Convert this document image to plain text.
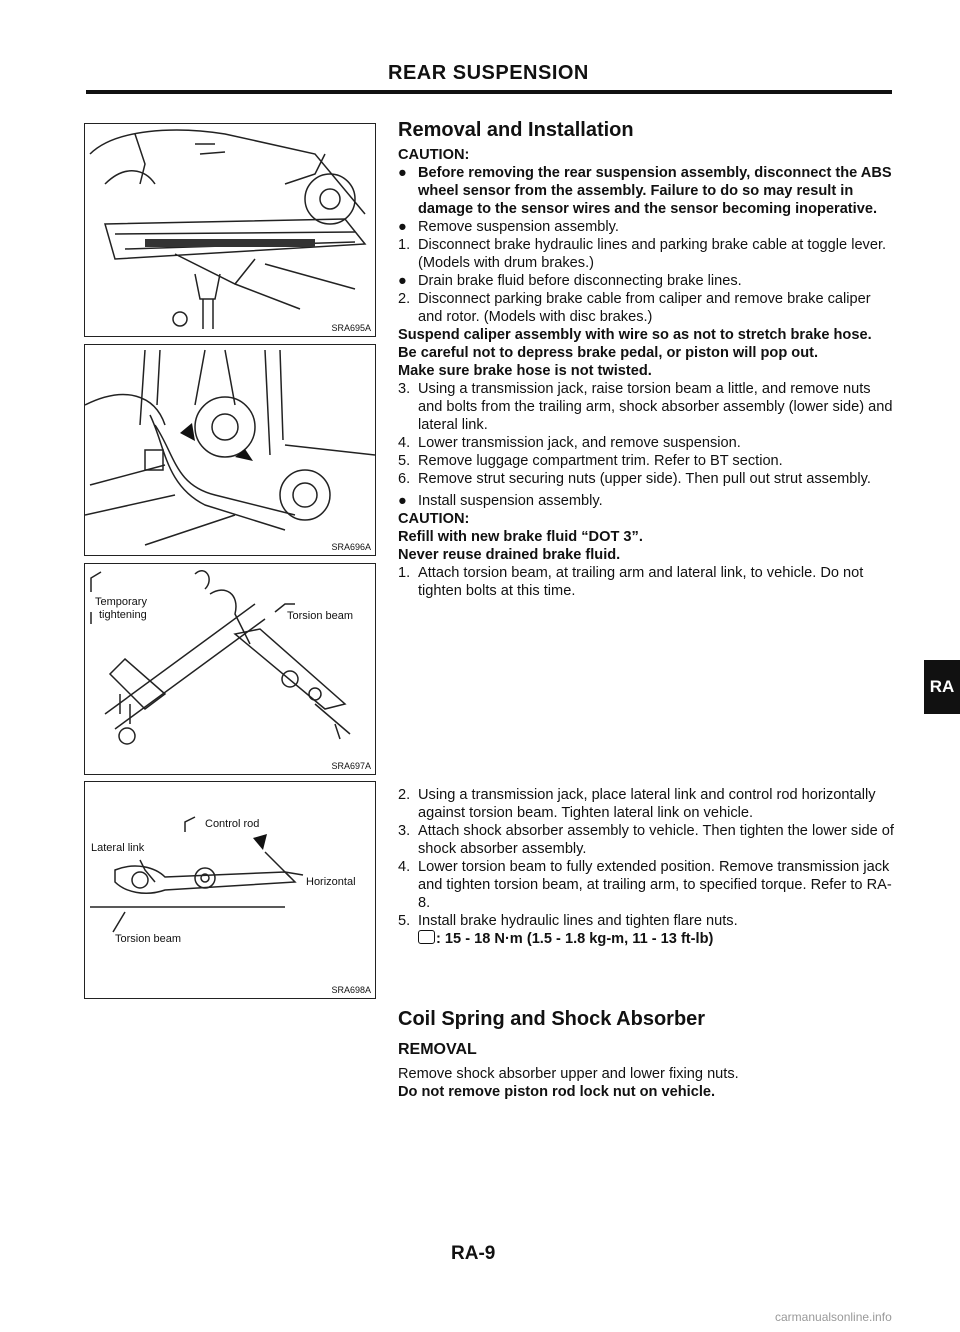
REAR SUSPENSION
SRA695A
SRA696A
Temporary
tightening	Torsion beam
SRA697A
Control rod
Lateral link
Horizontal
Torsion beam
SRA698A
Removal and Installation
CAUTION:
● Before removing the rear suspension assembly, disconnect the ABS wheel sensor from the assembly. Failure to do so may result in damage to the sensor wires and the sensor becoming inoperative.
● Remove suspension assembly.
1. Disconnect brake hydraulic lines and parking brake cable at toggle lever. (Models with drum brakes.)
● Drain brake fluid before disconnecting brake lines.
2. Disconnect parking brake cable from caliper and remove brake caliper and rotor. (Models with disc brakes.)
Suspend caliper assembly with wire so as not to stretch brake hose.
Be careful not to depress brake pedal, or piston will pop out.
Make sure brake hose is not twisted.
3. Using a transmission jack, raise torsion beam a little, and remove nuts and bolts from the trailing arm, shock absorber assembly (lower side) and lateral link.
4. Lower transmission jack, and remove suspension.
5. Remove luggage compartment trim. Refer to BT section.
6. Remove strut securing nuts (upper side). Then pull out strut assembly.
● Install suspension assembly.
CAUTION:
Refill with new brake fluid “DOT 3”.
Never reuse drained brake fluid.
1. Attach torsion beam, at trailing arm and lateral link, to vehicle. Do not tighten bolts at this time.
2. Using a transmission jack, place lateral link and control rod horizontally against torsion beam. Tighten lateral link on vehicle.
3. Attach shock absorber assembly to vehicle. Then tighten the lower side of shock absorber assembly.
4. Lower torsion beam to fully extended position. Remove transmission jack and tighten torsion beam, at trailing arm, to specified torque. Refer to RA-8.
5. Install brake hydraulic lines and tighten flare nuts.
: 15 - 18 N·m (1.5 - 1.8 kg-m, 11 - 13 ft-lb)
Coil Spring and Shock Absorber
REMOVAL
Remove shock absorber upper and lower fixing nuts.
Do not remove piston rod lock nut on vehicle.
RA
RA-9
carmanualsonline.info
